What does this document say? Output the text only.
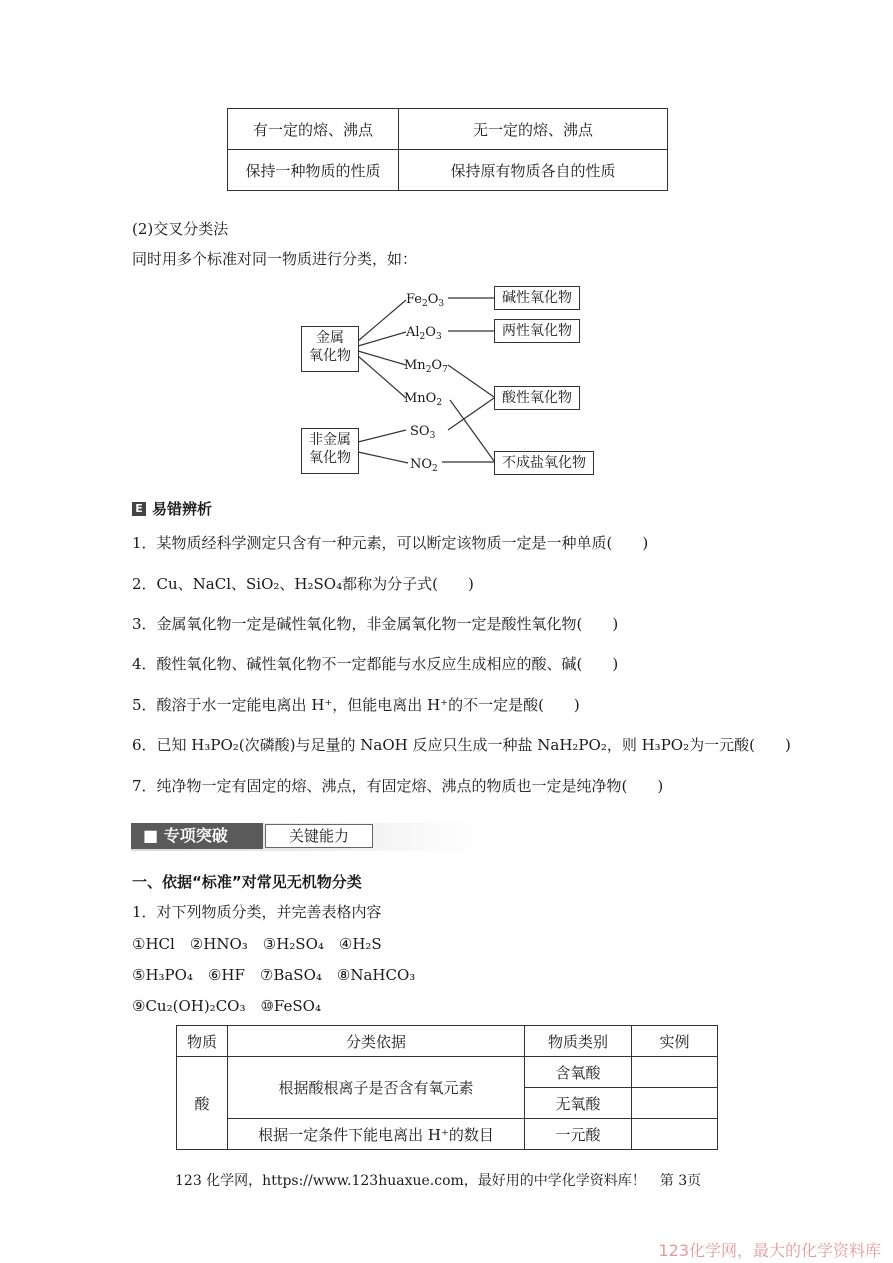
有一定的熔、沸点	无一定的熔、沸点
保持一种物质的性质	保持原有物质各自的性质
(2)交叉分类法
同时用多个标准对同一物质进行分类，如：
$Fe_2O_3$
$Al_2O_3$
$Mn_2O_7$
MnO$_2$
$SO_3$
$NO_2$
金属
氧化物
非金属
氧化物
碱性氧化物
两性氧化物
酸性氧化物
不成盐氧化物
E 易错辨析
1．某物质经科学测定只含有一种元素，可以断定该物质一定是一种单质(　　)
2．Cu、NaCl、SiO₂、H₂SO₄都称为分子式(　　)
3．金属氧化物一定是碱性氧化物，非金属氧化物一定是酸性氧化物(　　)
4．酸性氧化物、碱性氧化物不一定都能与水反应生成相应的酸、碱(　　)
5．酸溶于水一定能电离出 H⁺，但能电离出 H⁺的不一定是酸(　　)
6．已知 H₃PO₂(次磷酸)与足量的 NaOH 反应只生成一种盐 NaH₂PO₂，则 H₃PO₂为一元酸(　　)
7．纯净物一定有固定的熔、沸点，有固定熔、沸点的物质也一定是纯净物(　　)
■ 专项突破	关键能力
一、依据“标准”对常见无机物分类
1．对下列物质分类，并完善表格内容
①HCl　②HNO₃　③H₂SO₄　④H₂S
⑤H₃PO₄　⑥HF　⑦BaSO₄　⑧NaHCO₃
⑨Cu₂(OH)₂CO₃　⑩FeSO₄
物质	分类依据	物质类别	实例
酸	根据酸根离子是否含有氧元素	含氧酸	
		无氧酸	
	根据一定条件下能电离出 H⁺的数目	一元酸	
123 化学网，https://www.123huaxue.com，最好用的中学化学资料库！　第 3页
123化学网，最大的化学资料库
